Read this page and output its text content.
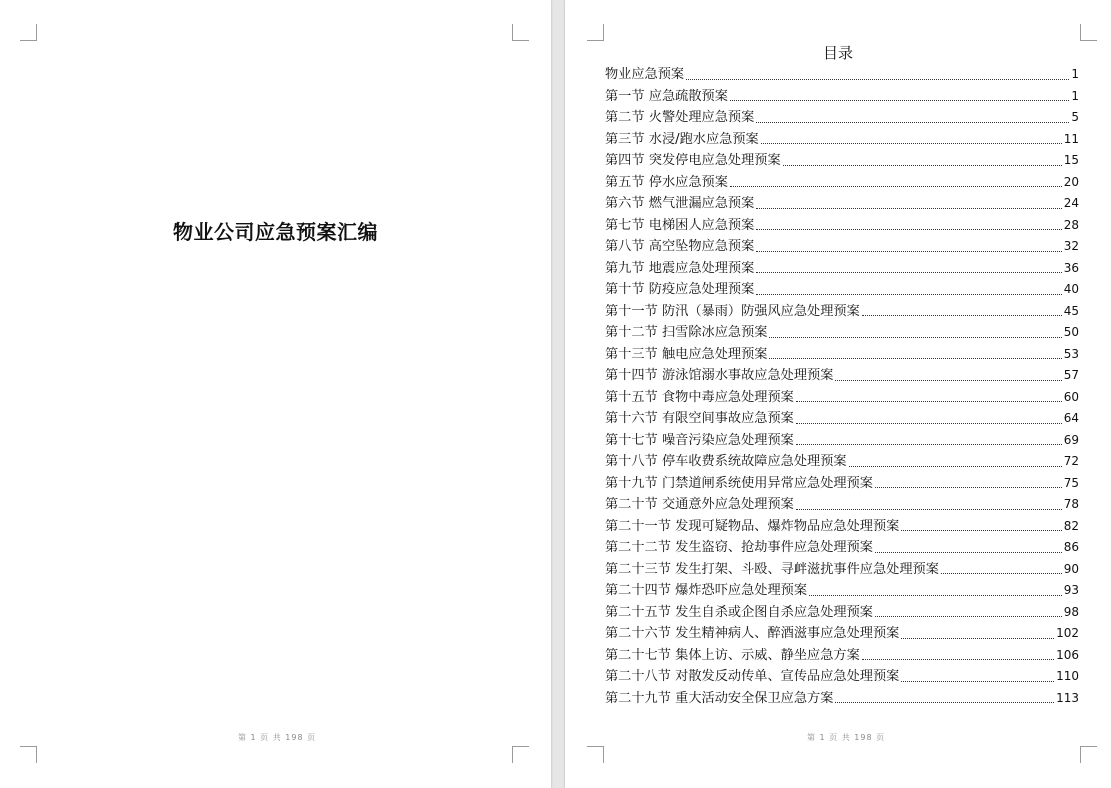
物业公司应急预案汇编
第 1 页 共 198 页
目录
物业应急预案	1
第一节 应急疏散预案	1
第二节 火警处理应急预案	5
第三节 水浸/跑水应急预案	11
第四节 突发停电应急处理预案	15
第五节 停水应急预案	20
第六节 燃气泄漏应急预案	24
第七节 电梯困人应急预案	28
第八节 高空坠物应急预案	32
第九节 地震应急处理预案	36
第十节 防疫应急处理预案	40
第十一节 防汛（暴雨）防强风应急处理预案	45
第十二节 扫雪除冰应急预案	50
第十三节 触电应急处理预案	53
第十四节 游泳馆溺水事故应急处理预案	57
第十五节 食物中毒应急处理预案	60
第十六节 有限空间事故应急预案	64
第十七节 噪音污染应急处理预案	69
第十八节 停车收费系统故障应急处理预案	72
第十九节 门禁道闸系统使用异常应急处理预案	75
第二十节 交通意外应急处理预案	78
第二十一节 发现可疑物品、爆炸物品应急处理预案	82
第二十二节 发生盗窃、抢劫事件应急处理预案	86
第二十三节 发生打架、斗殴、寻衅滋扰事件应急处理预案	90
第二十四节 爆炸恐吓应急处理预案	93
第二十五节 发生自杀或企图自杀应急处理预案	98
第二十六节 发生精神病人、醉酒滋事应急处理预案	102
第二十七节 集体上访、示威、静坐应急方案	106
第二十八节 对散发反动传单、宣传品应急处理预案	110
第二十九节 重大活动安全保卫应急方案	113
第 1 页 共 198 页
